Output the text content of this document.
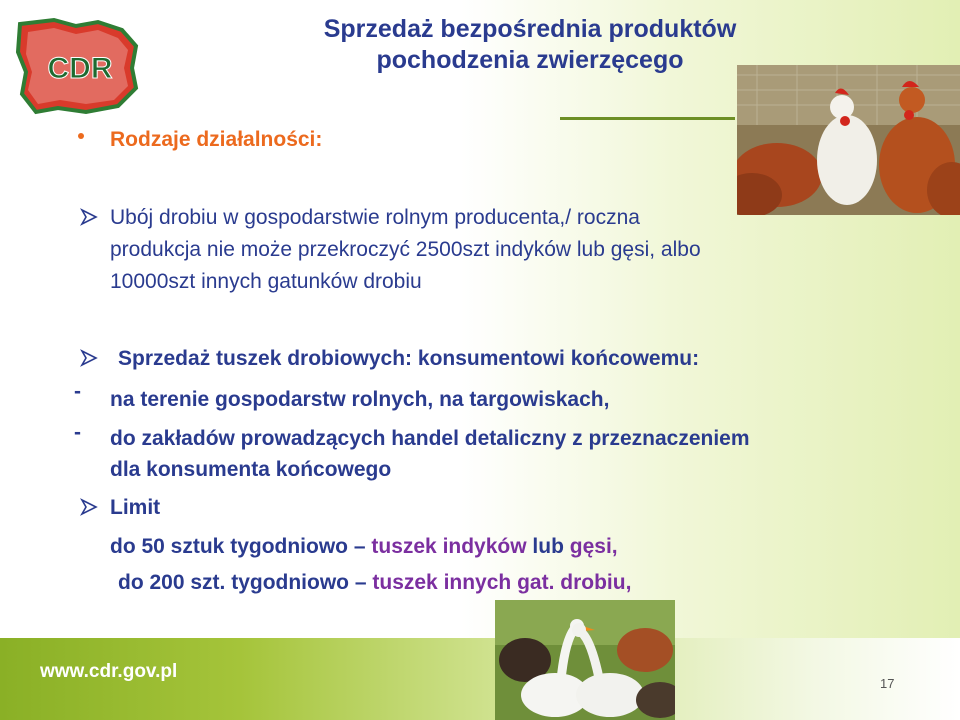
CDR
Sprzedaż bezpośrednia produktów
pochodzenia zwierzęcego
Rodzaje działalności:
Ubój drobiu w gospodarstwie rolnym producenta,/ roczna
produkcja nie może przekroczyć 2500szt indyków lub gęsi, albo
10000szt innych gatunków drobiu
Sprzedaż tuszek drobiowych: konsumentowi końcowemu:
- na terenie gospodarstw rolnych, na targowiskach,
- do zakładów prowadzących handel detaliczny z przeznaczeniem
dla konsumenta końcowego
Limit
do 50 sztuk tygodniowo – tuszek indyków lub gęsi,
do 200 szt. tygodniowo – tuszek innych gat. drobiu,
www.cdr.gov.pl
17
